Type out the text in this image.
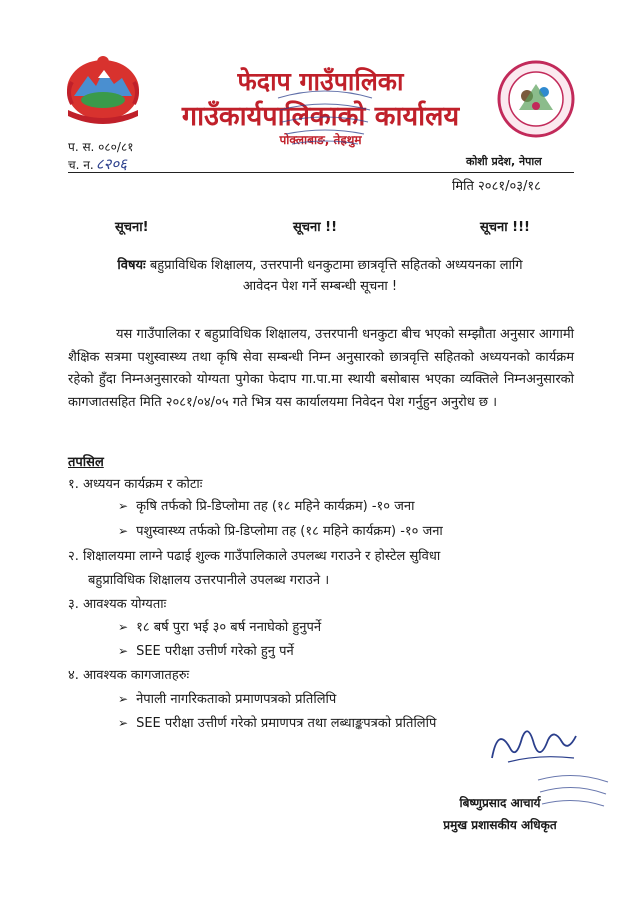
फेदाप गाउँपालिका
गाउँकार्यपालिकाको कार्यालय
पोक्लाबाङ, तेह्रथुम
प. स. ०८०/८१
च. न. ८२०६	कोशी प्रदेश, नेपाल
मिति २०८१/०३/१८
सूचना!	सूचना !!	सूचना !!!
विषयः बहुप्राविधिक शिक्षालय, उत्तरपानी धनकुटामा छात्रवृत्ति सहितको अध्ययनका लागि
आवेदन पेश गर्ने सम्बन्धी सूचना !
यस गाउँपालिका र बहुप्राविधिक शिक्षालय, उत्तरपानी धनकुटा बीच भएको सम्झौता अनुसार आगामी शैक्षिक सत्रमा पशुस्वास्थ्य तथा कृषि सेवा सम्बन्धी निम्न अनुसारको छात्रवृत्ति सहितको अध्ययनको कार्यक्रम रहेको हुँदा निम्नअनुसारको योग्यता पुगेका फेदाप गा.पा.मा स्थायी बसोबास भएका व्यक्तिले निम्नअनुसारको कागजातसहित मिति २०८१/०४/०५ गते भित्र यस कार्यालयमा निवेदन पेश गर्नुहुन अनुरोध छ ।
तपसिल
१. अध्ययन कार्यक्रम र कोटाः
➢ कृषि तर्फको प्रि-डिप्लोमा तह (१८ महिने कार्यक्रम) -१० जना
➢ पशुस्वास्थ्य तर्फको प्रि-डिप्लोमा तह (१८ महिने कार्यक्रम) -१० जना
२. शिक्षालयमा लाग्ने पढाई शुल्क गाउँपालिकाले उपलब्ध गराउने र होस्टेल सुविधा
बहुप्राविधिक शिक्षालय उत्तरपानीले उपलब्ध गराउने ।
३. आवश्यक योग्यताः
➢ १८ बर्ष पुरा भई ३० बर्ष ननाघेको हुनुपर्ने
➢ SEE परीक्षा उत्तीर्ण गरेको हुनु पर्ने
४. आवश्यक कागजातहरुः
➢ नेपाली नागरिकताको प्रमाणपत्रको प्रतिलिपि
➢ SEE परीक्षा उत्तीर्ण गरेको प्रमाणपत्र तथा लब्धाङ्कपत्रको प्रतिलिपि
बिष्णुप्रसाद आचार्य
प्रमुख प्रशासकीय अधिकृत
